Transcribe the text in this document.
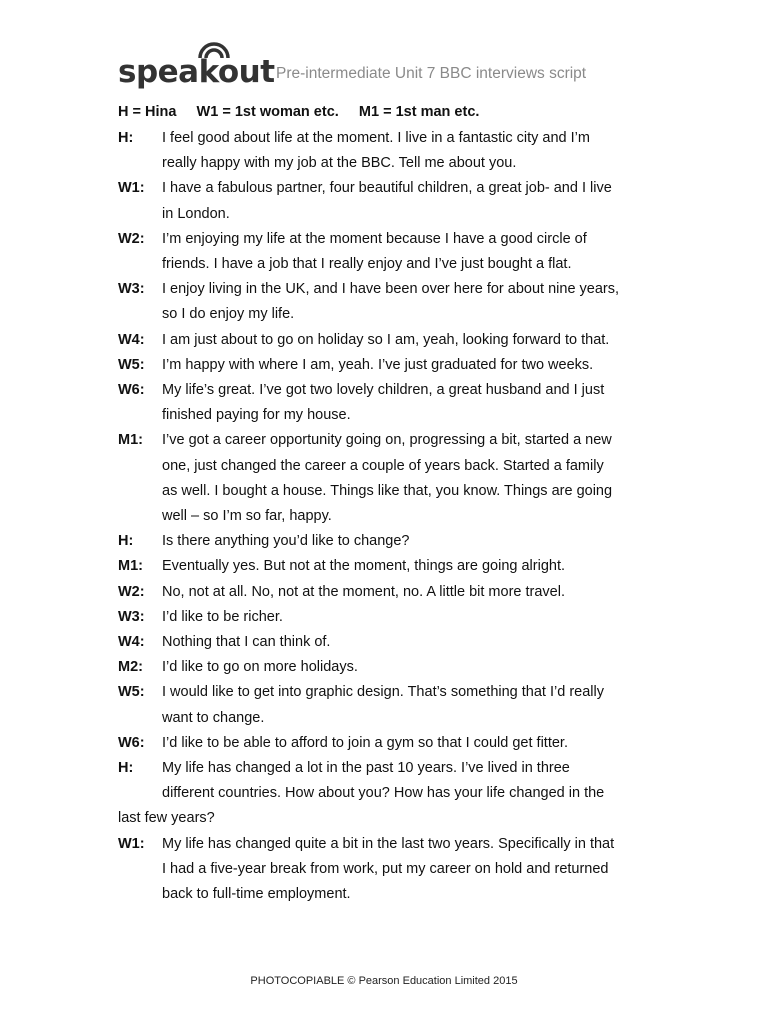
speakout Pre-intermediate Unit 7 BBC interviews script
H = Hina     W1 = 1st woman etc.     M1 = 1st man etc.
H:	I feel good about life at the moment. I live in a fantastic city and I’m
really happy with my job at the BBC. Tell me about you.
W1:	I have a fabulous partner, four beautiful children, a great job- and I live
in London.
W2:	I’m enjoying my life at the moment because I have a good circle of
friends. I have a job that I really enjoy and I’ve just bought a flat.
W3:	I enjoy living in the UK, and I have been over here for about nine years,
so I do enjoy my life.
W4:	I am just about to go on holiday so I am, yeah, looking forward to that.
W5:	I’m happy with where I am, yeah. I’ve just graduated for two weeks.
W6:	My life’s great. I’ve got two lovely children, a great husband and I just
finished paying for my house.
M1:	I’ve got a career opportunity going on, progressing a bit, started a new
one, just changed the career a couple of years back. Started a family
as well. I bought a house. Things like that, you know. Things are going
well – so I’m so far, happy.
H:	Is there anything you’d like to change?
M1:	Eventually yes. But not at the moment, things are going alright.
W2:	No, not at all. No, not at the moment, no. A little bit more travel.
W3:	I’d like to be richer.
W4:	Nothing that I can think of.
M2:	I’d like to go on more holidays.
W5:	I would like to get into graphic design. That’s something that I’d really
want to change.
W6:	I’d like to be able to afford to join a gym so that I could get fitter.
H:	My life has changed a lot in the past 10 years. I’ve lived in three
different countries. How about you? How has your life changed in the
last few years?
W1:	My life has changed quite a bit in the last two years. Specifically in that
I had a five-year break from work, put my career on hold and returned
back to full-time employment.
PHOTOCOPIABLE © Pearson Education Limited 2015
